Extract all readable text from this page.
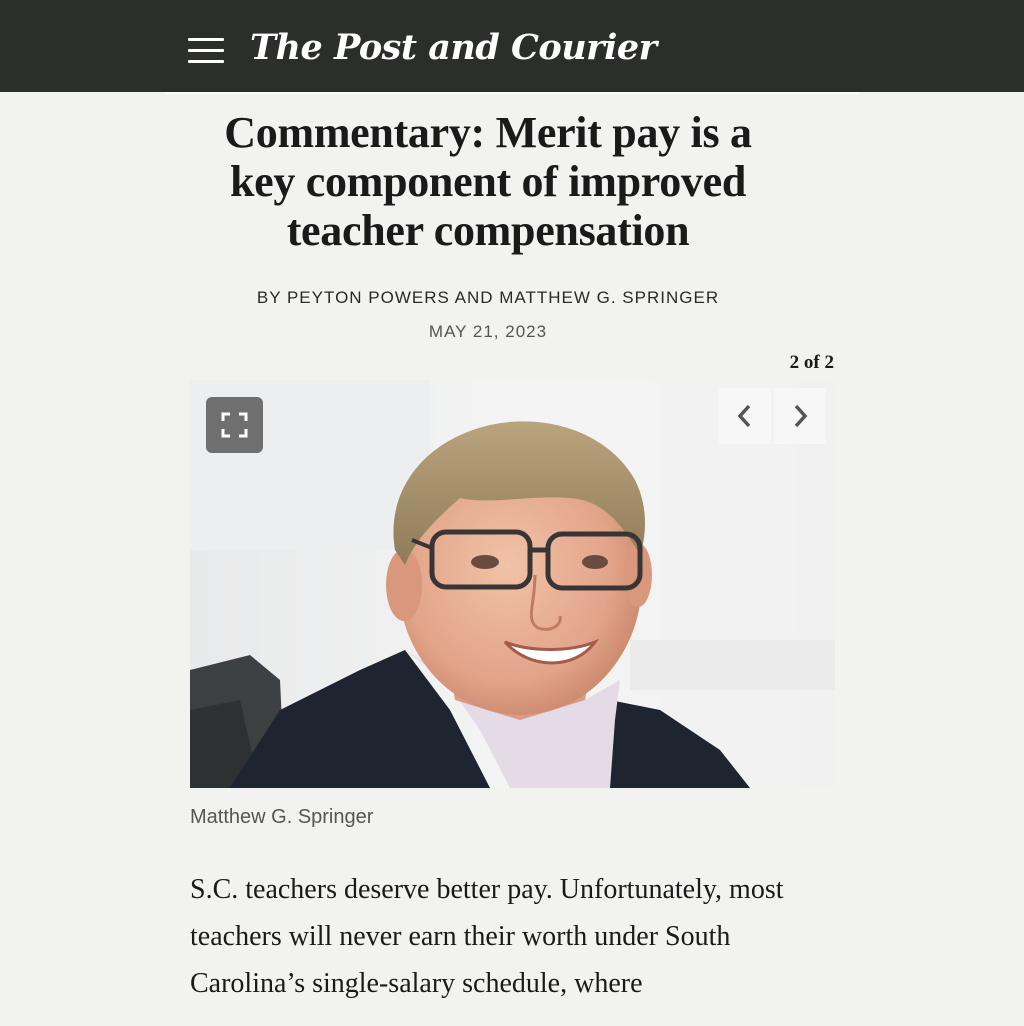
The Post and Courier
Commentary: Merit pay is a key component of improved teacher compensation
BY PEYTON POWERS AND MATTHEW G. SPRINGER
MAY 21, 2023
2 of 2
Matthew G. Springer

S.C. teachers deserve better pay. Unfortunately, most teachers will never earn their worth under South Carolina’s single-salary schedule, where
